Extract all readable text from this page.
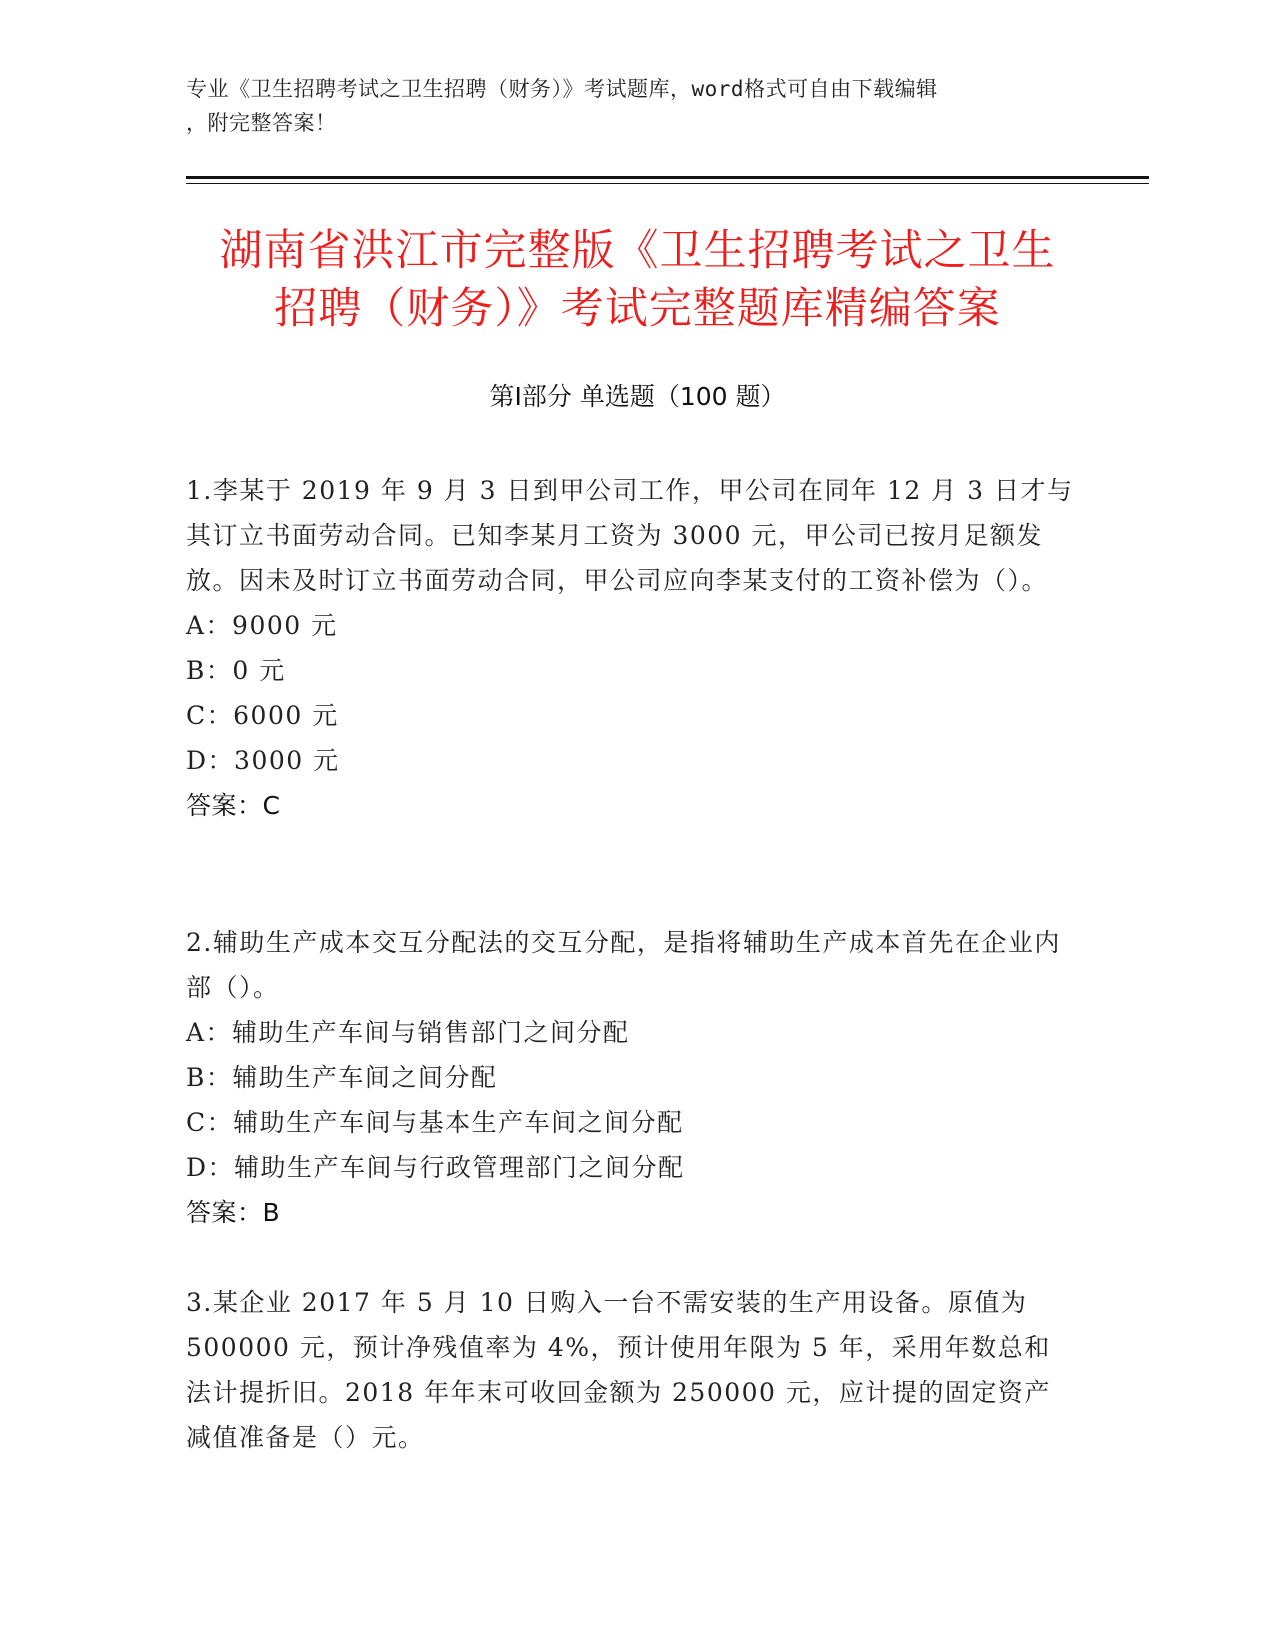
专业《卫生招聘考试之卫生招聘（财务）》考试题库，word格式可自由下载编辑
，附完整答案！
湖南省洪江市完整版《卫生招聘考试之卫生
招聘（财务）》考试完整题库精编答案
第Ⅰ部分 单选题（100 题）
1.李某于 2019 年 9 月 3 日到甲公司工作，甲公司在同年 12 月 3 日才与其订立书面劳动合同。已知李某月工资为 3000 元，甲公司已按月足额发放。因未及时订立书面劳动合同，甲公司应向李某支付的工资补偿为（）。
A：9000 元
B：0 元
C：6000 元
D：3000 元
答案：C
2.辅助生产成本交互分配法的交互分配，是指将辅助生产成本首先在企业内部（）。
A：辅助生产车间与销售部门之间分配
B：辅助生产车间之间分配
C：辅助生产车间与基本生产车间之间分配
D：辅助生产车间与行政管理部门之间分配
答案：B
3.某企业 2017 年 5 月 10 日购入一台不需安装的生产用设备。原值为 500000 元，预计净残值率为 4%，预计使用年限为 5 年，采用年数总和法计提折旧。2018 年年末可收回金额为 250000 元，应计提的固定资产减值准备是（）元。
